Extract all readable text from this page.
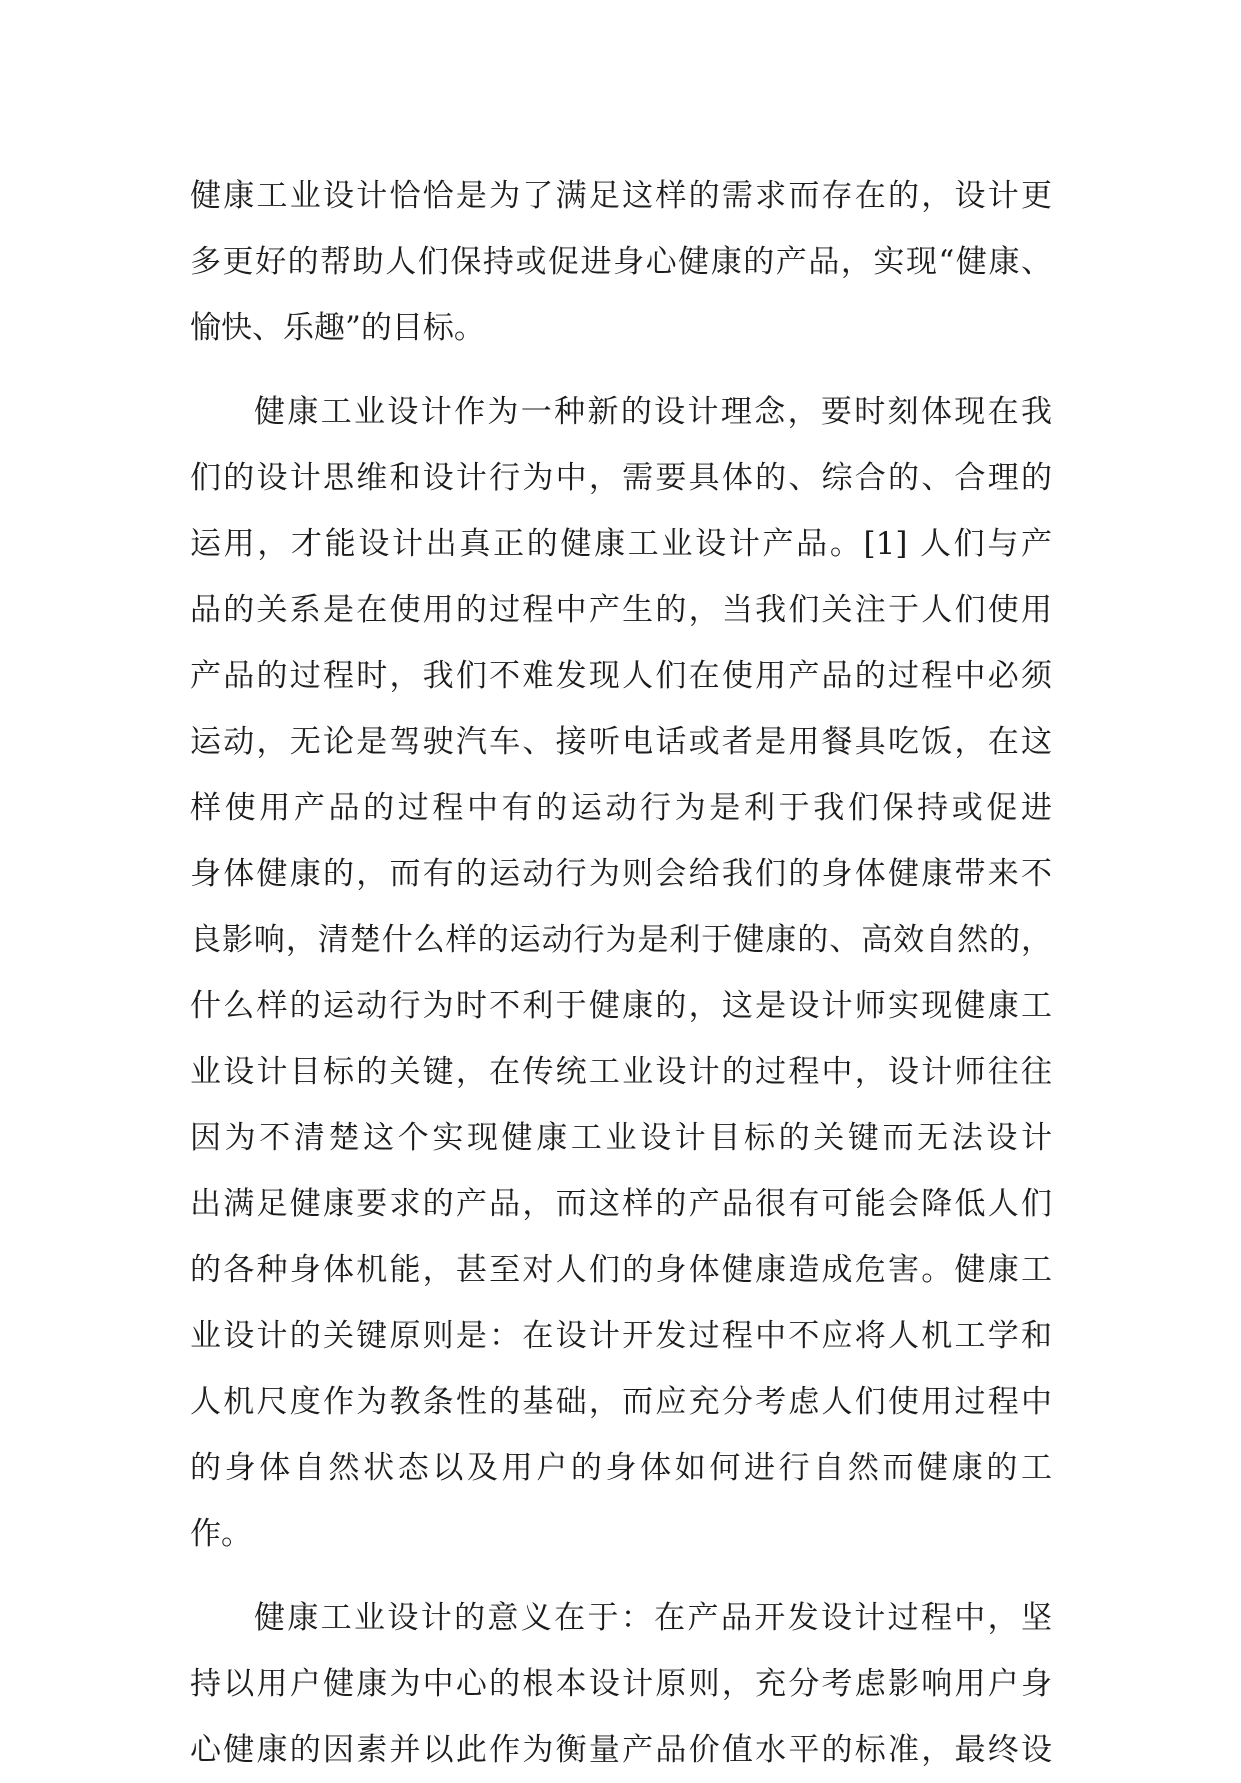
健康工业设计恰恰是为了满足这样的需求而存在的，设计更
多更好的帮助人们保持或促进身心健康的产品，实现“健康、
愉快、乐趣”的目标。
健康工业设计作为一种新的设计理念，要时刻体现在我
们的设计思维和设计行为中，需要具体的、综合的、合理的
运用，才能设计出真正的健康工业设计产品。[1] 人们与产
品的关系是在使用的过程中产生的，当我们关注于人们使用
产品的过程时，我们不难发现人们在使用产品的过程中必须
运动，无论是驾驶汽车、接听电话或者是用餐具吃饭，在这
样使用产品的过程中有的运动行为是利于我们保持或促进
身体健康的，而有的运动行为则会给我们的身体健康带来不
良影响，清楚什么样的运动行为是利于健康的、高效自然的，
什么样的运动行为时不利于健康的，这是设计师实现健康工
业设计目标的关键，在传统工业设计的过程中，设计师往往
因为不清楚这个实现健康工业设计目标的关键而无法设计
出满足健康要求的产品，而这样的产品很有可能会降低人们
的各种身体机能，甚至对人们的身体健康造成危害。健康工
业设计的关键原则是：在设计开发过程中不应将人机工学和
人机尺度作为教条性的基础，而应充分考虑人们使用过程中
的身体自然状态以及用户的身体如何进行自然而健康的工
作。
健康工业设计的意义在于：在产品开发设计过程中，坚
持以用户健康为中心的根本设计原则，充分考虑影响用户身
心健康的因素并以此作为衡量产品价值水平的标准，最终设
